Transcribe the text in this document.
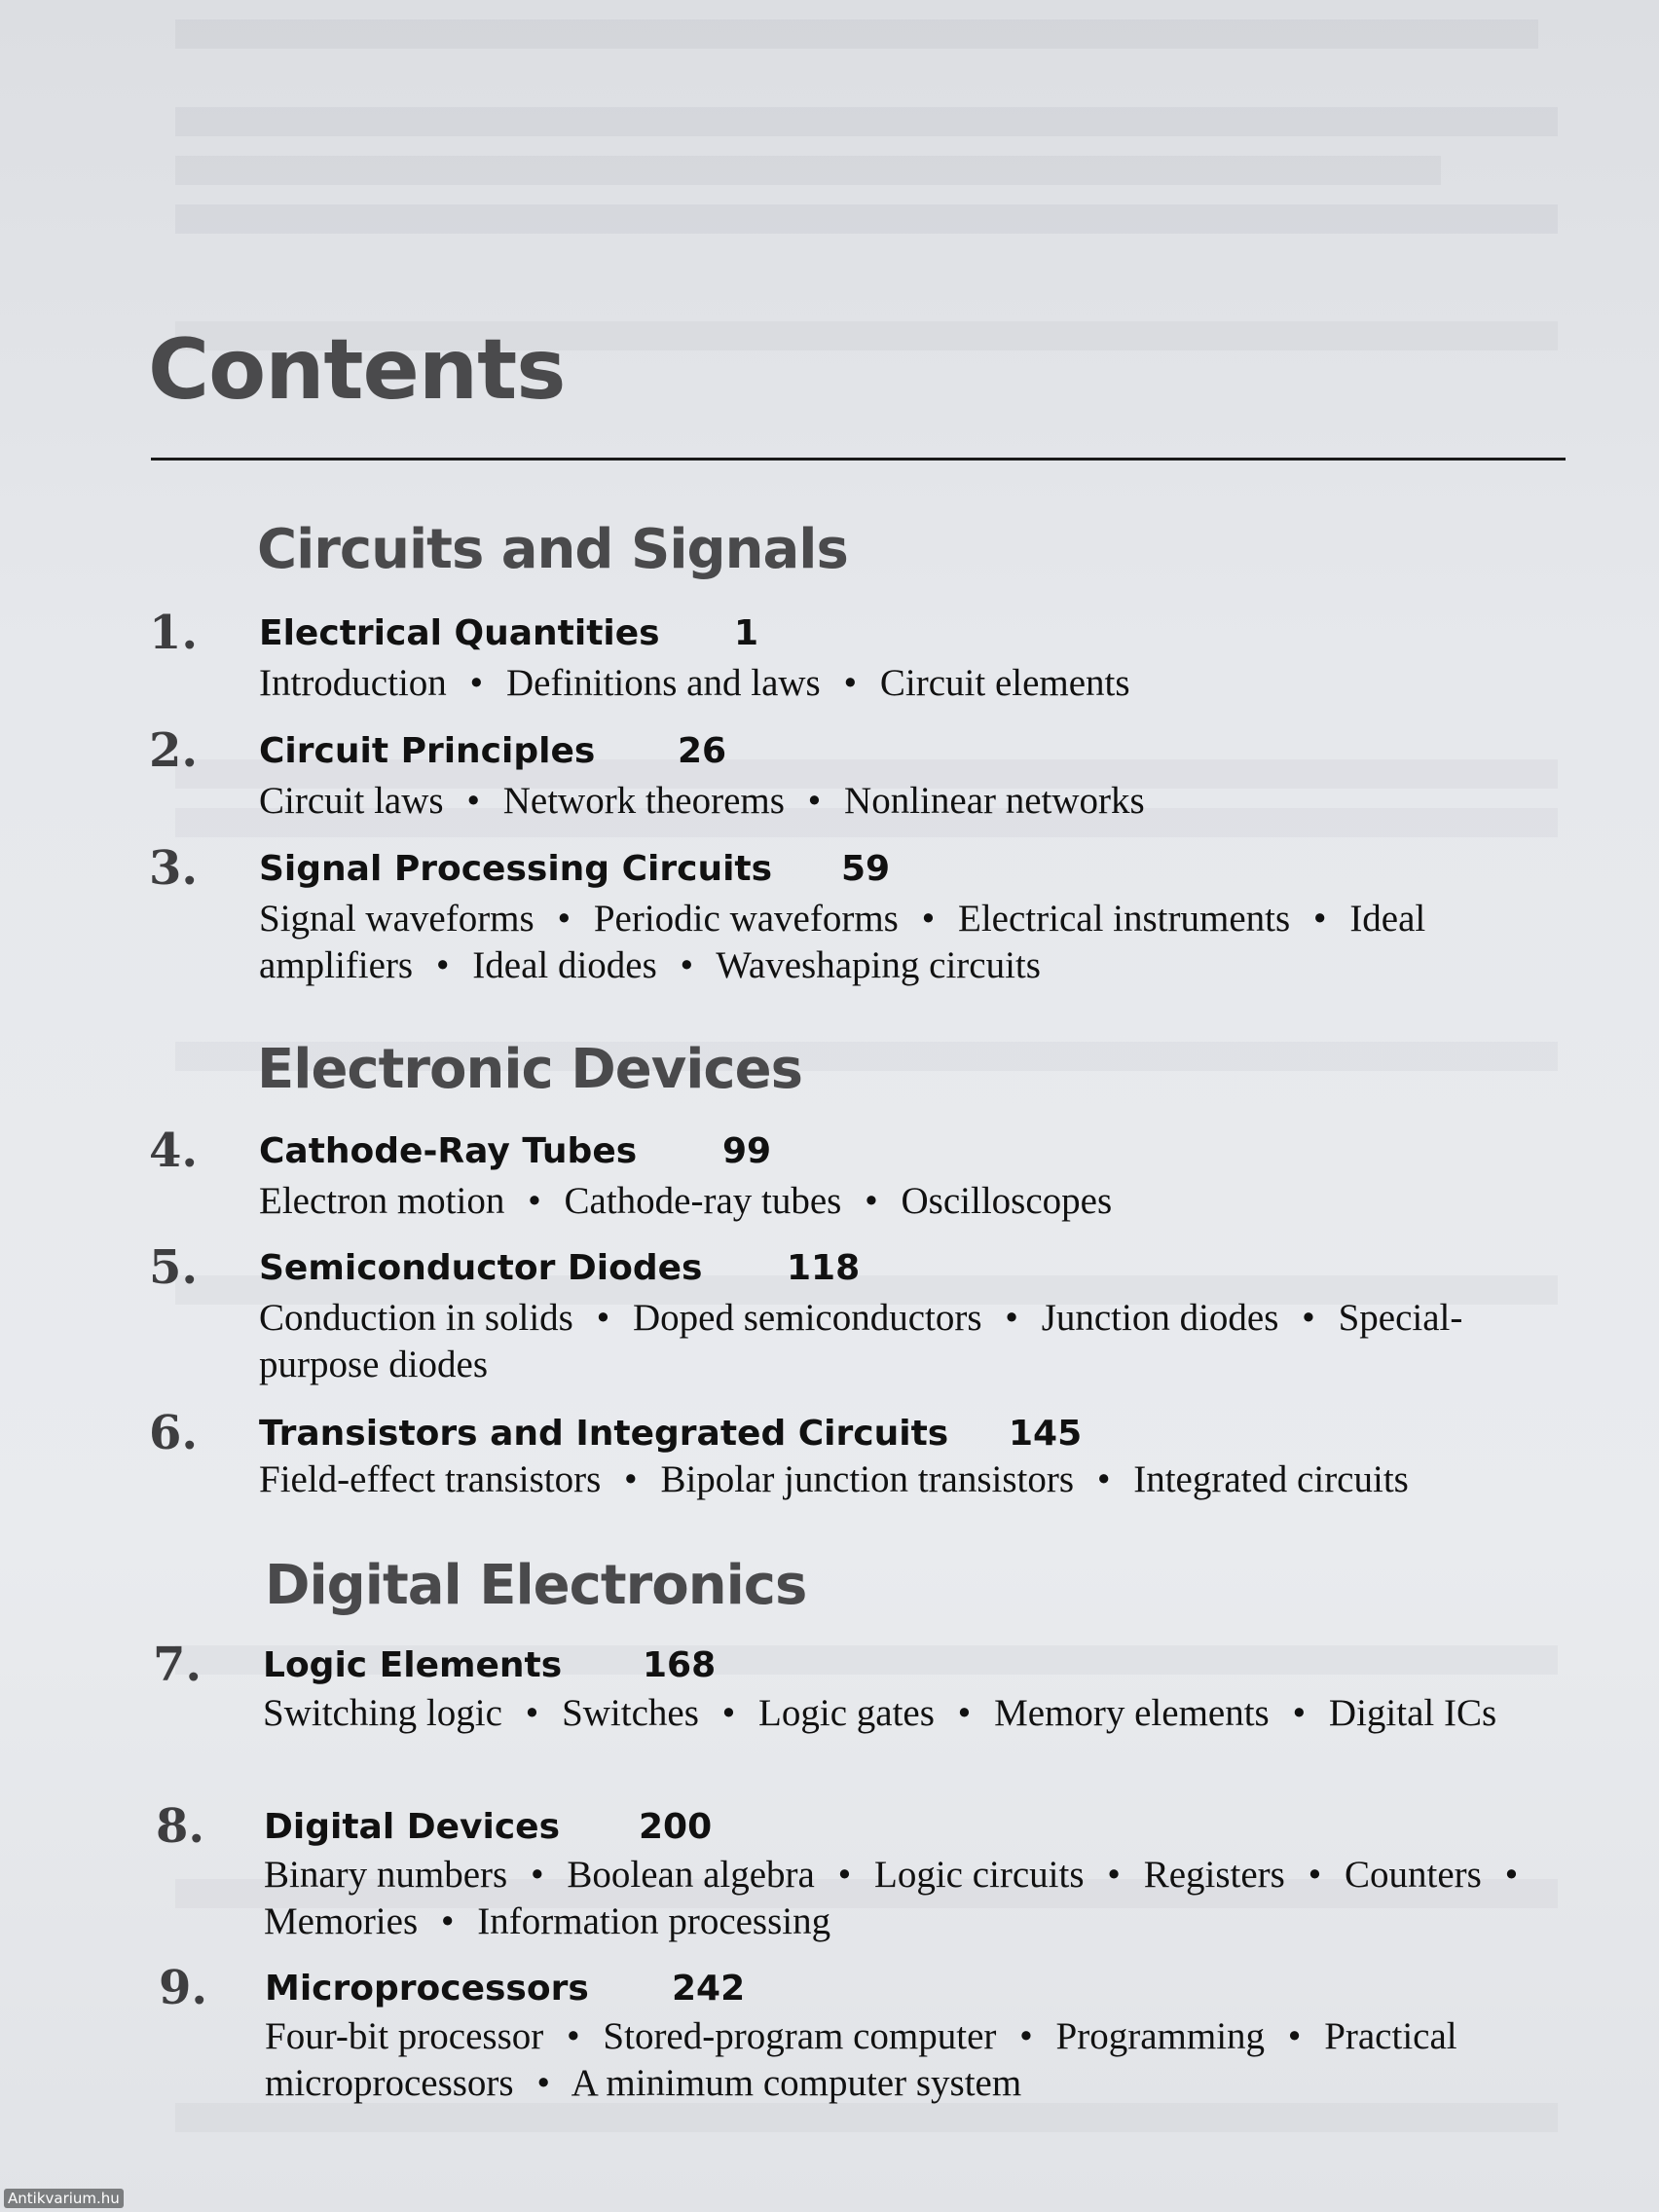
Contents
Circuits and Signals
1. Electrical Quantities 1
Introduction • Definitions and laws • Circuit elements
2. Circuit Principles 26
Circuit laws • Network theorems • Nonlinear networks
3. Signal Processing Circuits 59
Signal waveforms • Periodic waveforms • Electrical instruments • Ideal amplifiers • Ideal diodes • Waveshaping circuits
Electronic Devices
4. Cathode-Ray Tubes 99
Electron motion • Cathode-ray tubes • Oscilloscopes
5. Semiconductor Diodes 118
Conduction in solids • Doped semiconductors • Junction diodes • Special-purpose diodes
6. Transistors and Integrated Circuits 145
Field-effect transistors • Bipolar junction transistors • Integrated circuits
Digital Electronics
7. Logic Elements 168
Switching logic • Switches • Logic gates • Memory elements • Digital ICs
8. Digital Devices 200
Binary numbers • Boolean algebra • Logic circuits • Registers • Counters • Memories • Information processing
9. Microprocessors 242
Four-bit processor • Stored-program computer • Programming • Practical microprocessors • A minimum computer system
Antikvarium.hu
